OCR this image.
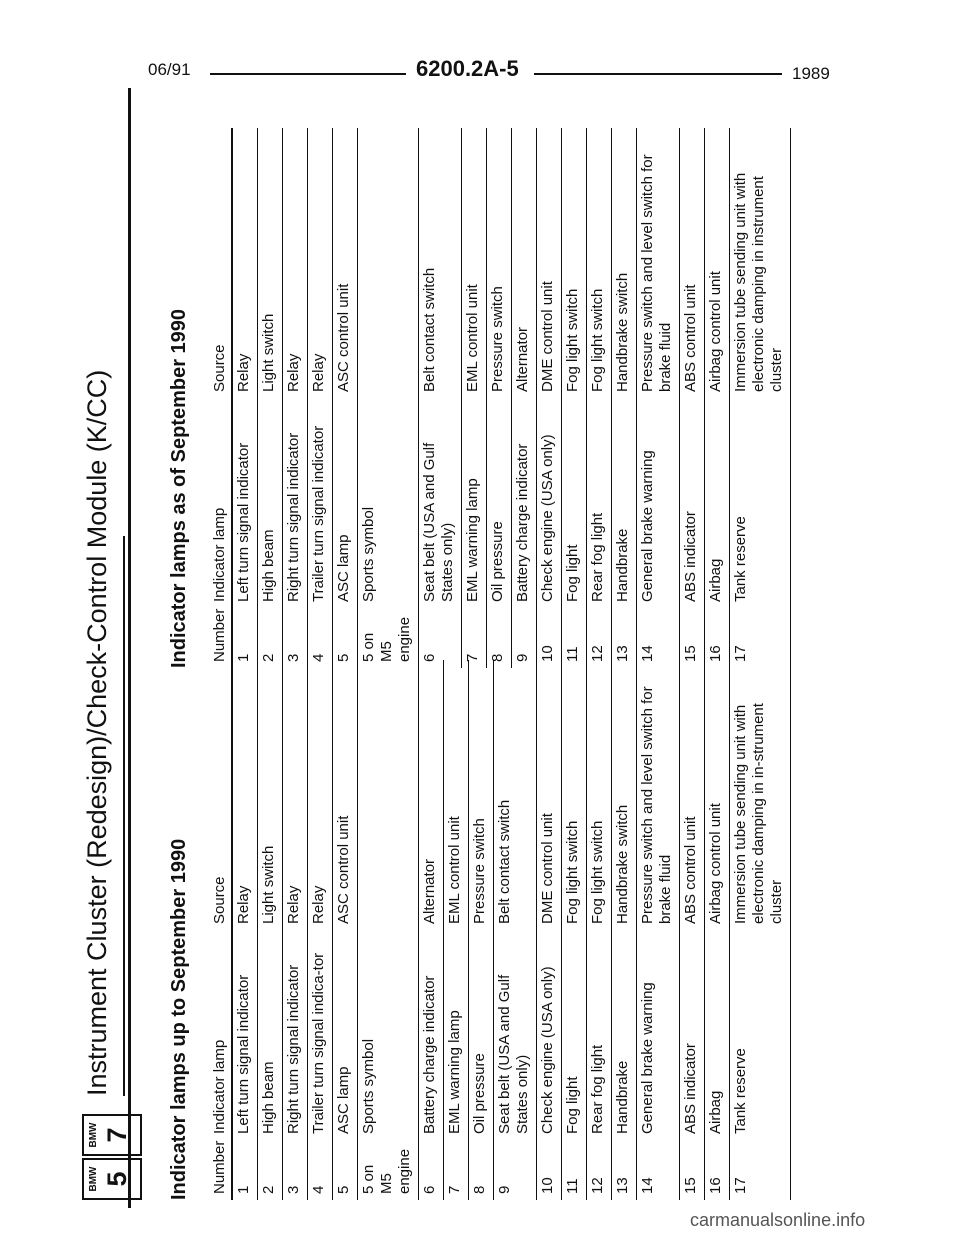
06/91	6200.2A-5	1989
BMW 5
BMW 7
Instrument Cluster (Redesign)/Check-Control Module (K/CC)	Indicator lamps up to September 1990 Number	Indicator lamp	Source
1	Left turn signal indicator	Relay
2	High beam	Light switch
3	Right turn signal indicator	Relay
4	Trailer turn signal indica-tor	Relay
5	ASC lamp	ASC control unit
5 on M5 engine	Sports symbol	
6	Battery charge indicator	Alternator
7	EML warning lamp	EML control unit
8	Oil pressure	Pressure switch
9	Seat belt (USA and Gulf States only)	Belt contact switch
10	Check engine (USA only)	DME control unit
11	Fog light	Fog light switch
12	Rear fog light	Fog light switch
13	Handbrake	Handbrake switch
14	General brake warning	Pressure switch and level switch for brake fluid
15	ABS indicator	ABS control unit
16	Airbag	Airbag control unit
17	Tank reserve	Immersion tube sending unit with electronic damping in in-strument cluster
Indicator lamps as of September 1990 Number	Indicator lamp	Source
1	Left turn signal indicator	Relay
2	High beam	Light switch
3	Right turn signal indicator	Relay
4	Trailer turn signal indicator	Relay
5	ASC lamp	ASC control unit
5 on M5 engine	Sports symbol	
6	Seat belt (USA and Gulf States only)	Belt contact switch
7	EML warning lamp	EML control unit
8	Oil pressure	Pressure switch
9	Battery charge indicator	Alternator
10	Check engine (USA only)	DME control unit
11	Fog light	Fog light switch
12	Rear fog light	Fog light switch
13	Handbrake	Handbrake switch
14	General brake warning	Pressure switch and level switch for brake fluid
15	ABS indicator	ABS control unit
16	Airbag	Airbag control unit
17	Tank reserve	Immersion tube sending unit with electronic damping in instrument cluster
carmanualsonline.info
